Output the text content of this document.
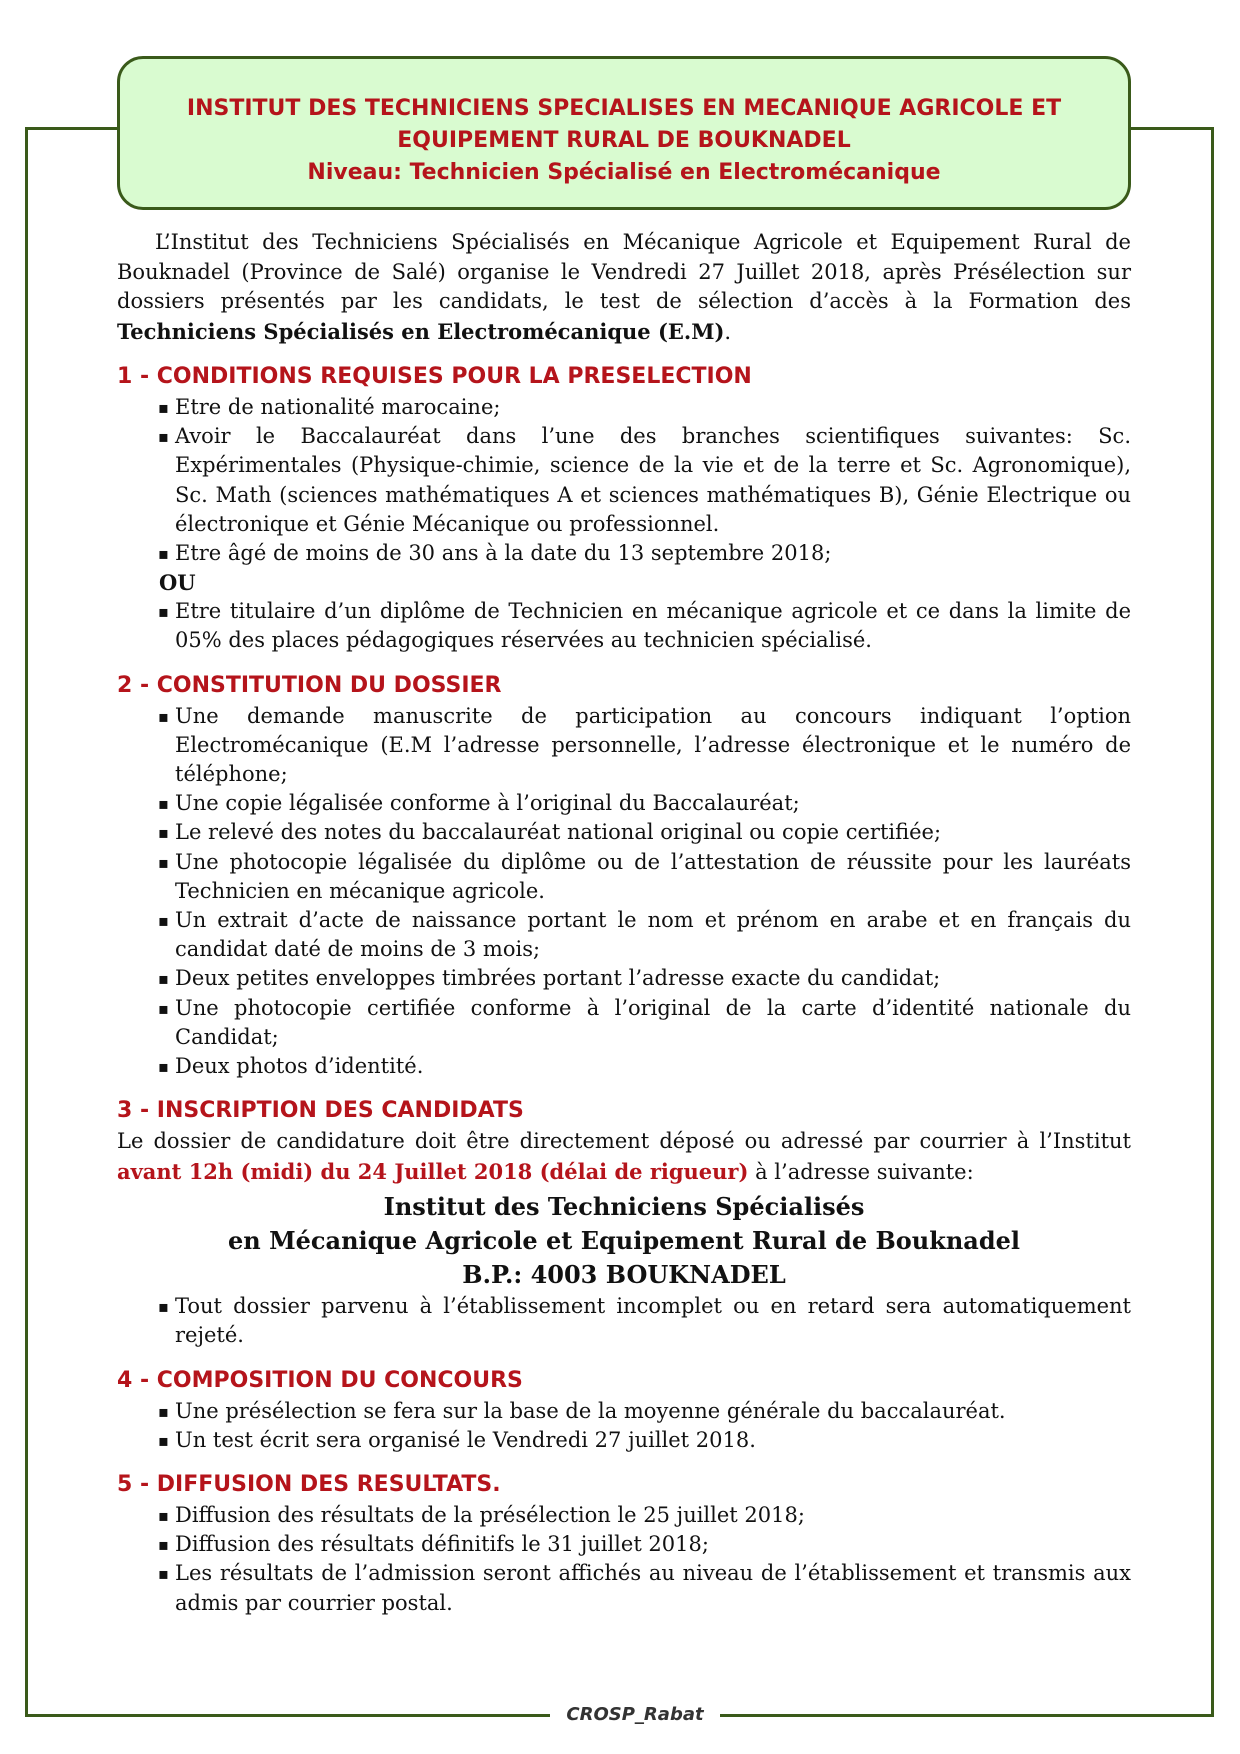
CROSP_Rabat
INSTITUT DES TECHNICIENS SPECIALISES EN MECANIQUE AGRICOLE ET
EQUIPEMENT RURAL DE BOUKNADEL
Niveau: Technicien Spécialisé en Electromécanique

L’Institut des Techniciens Spécialisés en Mécanique Agricole et Equipement Rural de Bouknadel (Province de Salé) organise le Vendredi 27 Juillet 2018, après Présélection sur dossiers présentés par les candidats, le test de sélection d’accès à la Formation des Techniciens Spécialisés en Electromécanique (E.M).

1 - CONDITIONS REQUISES POUR LA PRESELECTION
▪ Etre de nationalité marocaine;
▪ Avoir le Baccalauréat dans l’une des branches scientifiques suivantes: Sc. Expérimentales (Physique-chimie, science de la vie et de la terre et Sc. Agronomique), Sc. Math (sciences mathématiques A et sciences mathématiques B), Génie Electrique ou électronique et Génie Mécanique ou professionnel.
▪ Etre âgé de moins de 30 ans à la date du 13 septembre 2018;
OU
▪ Etre titulaire d’un diplôme de Technicien en mécanique agricole et ce dans la limite de 05% des places pédagogiques réservées au technicien spécialisé.
2 - CONSTITUTION DU DOSSIER
▪ Une demande manuscrite de participation au concours indiquant l’option Electromécanique (E.M l’adresse personnelle, l’adresse électronique et le numéro de téléphone;
▪ Une copie légalisée conforme à l’original du Baccalauréat;
▪ Le relevé des notes du baccalauréat national original ou copie certifiée;
▪ Une photocopie légalisée du diplôme ou de l’attestation de réussite pour les lauréats Technicien en mécanique agricole.
▪ Un extrait d’acte de naissance portant le nom et prénom en arabe et en français du candidat daté de moins de 3 mois;
▪ Deux petites enveloppes timbrées portant l’adresse exacte du candidat;
▪ Une photocopie certifiée conforme à l’original de la carte d’identité nationale du Candidat;
▪ Deux photos d’identité.
3 - INSCRIPTION DES CANDIDATS

Le dossier de candidature doit être directement déposé ou adressé par courrier à l’Institut avant 12h (midi) du 24 Juillet 2018 (délai de rigueur) à l’adresse suivante:

Institut des Techniciens Spécialisés
en Mécanique Agricole et Equipement Rural de Bouknadel
B.P.: 4003 BOUKNADEL
▪ Tout dossier parvenu à l’établissement incomplet ou en retard sera automatiquement rejeté.
4 - COMPOSITION DU CONCOURS
▪ Une présélection se fera sur la base de la moyenne générale du baccalauréat.
▪ Un test écrit sera organisé le Vendredi 27 juillet 2018.
5 - DIFFUSION DES RESULTATS.
▪ Diffusion des résultats de la présélection le 25 juillet 2018;
▪ Diffusion des résultats définitifs le 31 juillet 2018;
▪ Les résultats de l’admission seront affichés au niveau de l’établissement et transmis aux admis par courrier postal.
